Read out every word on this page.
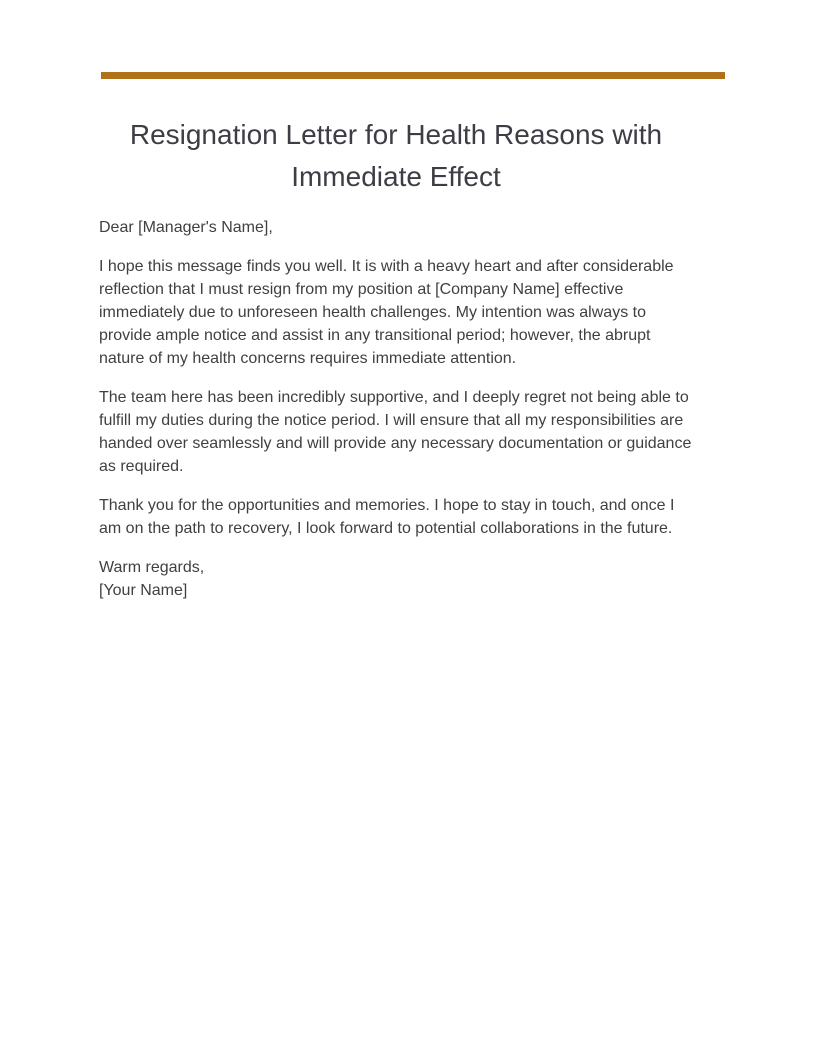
Resignation Letter for Health Reasons with Immediate Effect

Dear [Manager's Name],

I hope this message finds you well. It is with a heavy heart and after considerable reflection that I must resign from my position at [Company Name] effective immediately due to unforeseen health challenges. My intention was always to provide ample notice and assist in any transitional period; however, the abrupt nature of my health concerns requires immediate attention.

The team here has been incredibly supportive, and I deeply regret not being able to fulfill my duties during the notice period. I will ensure that all my responsibilities are handed over seamlessly and will provide any necessary documentation or guidance as required.

Thank you for the opportunities and memories. I hope to stay in touch, and once I am on the path to recovery, I look forward to potential collaborations in the future.

Warm regards,
[Your Name]
